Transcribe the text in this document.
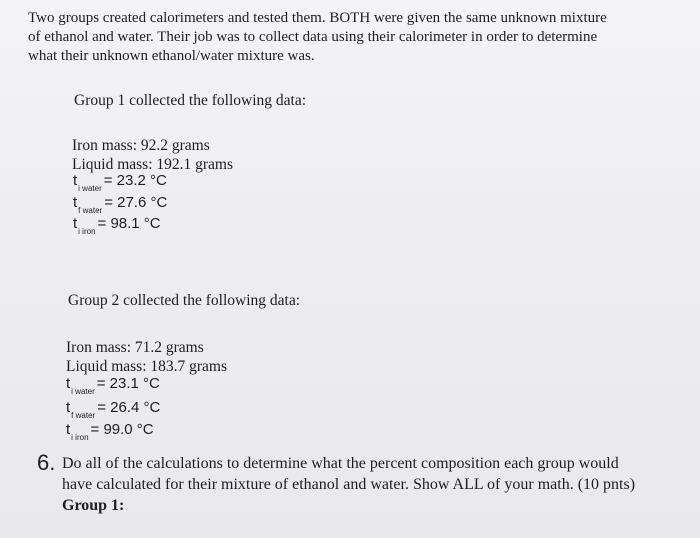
Two groups created calorimeters and tested them. BOTH were given the same unknown mixture
of ethanol and water. Their job was to collect data using their calorimeter in order to determine
what their unknown ethanol/water mixture was.
Group 1 collected the following data:
Iron mass: 92.2 grams
Liquid mass: 192.1 grams
$t_{i water} = 23.2$ °C
$t_{f water} = 27.6$ °C
$t_{i iron} = 98.1$ °C
Group 2 collected the following data:
Iron mass: 71.2 grams
Liquid mass: 183.7 grams
$t_{i water} = 23.1$ °C
$t_{f water} = 26.4$ °C
$t_{i iron} = 99.0$ °C
6. Do all of the calculations to determine what the percent composition each group would
have calculated for their mixture of ethanol and water. Show ALL of your math. (10 pnts)
Group 1:
